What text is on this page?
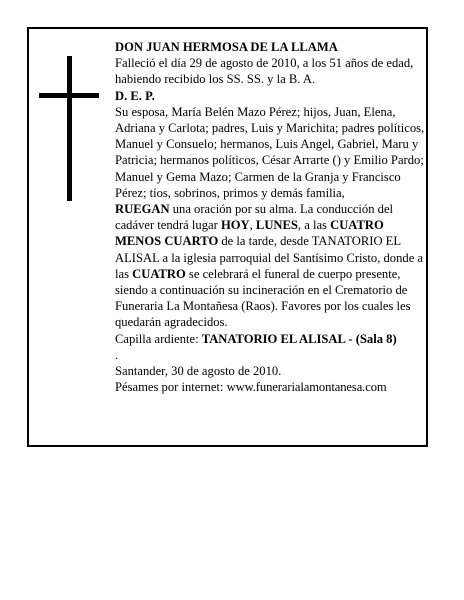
DON JUAN HERMOSA DE LA LLAMA

Falleció el día 29 de agosto de 2010, a los 51 años de edad, habiendo recibido los SS. SS. y la B. A.

D. E. P.

Su esposa, María Belén Mazo Pérez; hijos, Juan, Elena, Adriana y Carlota; padres, Luis y Marichita; padres políticos, Manuel y Consuelo; hermanos, Luis Angel, Gabriel, Maru y Patricia; hermanos políticos, César Arrarte () y Emilio Pardo; Manuel y Gema Mazo; Carmen de la Granja y Francisco Pérez; tíos, sobrinos, primos y demás familia,

RUEGAN una oración por su alma. La conducción del cadáver tendrá lugar HOY, LUNES, a las CUATRO MENOS CUARTO de la tarde, desde TANATORIO EL ALISAL a la iglesia parroquial del Santísimo Cristo, donde a las CUATRO se celebrará el funeral de cuerpo presente, siendo a continuación su incineración en el Crematorio de Funeraria La Montañesa (Raos). Favores por los cuales les quedarán agradecidos.

Capilla ardiente: TANATORIO EL ALISAL - (Sala 8)

.

Santander, 30 de agosto de 2010.

Pésames por internet: www.funerarialamontanesa.com
